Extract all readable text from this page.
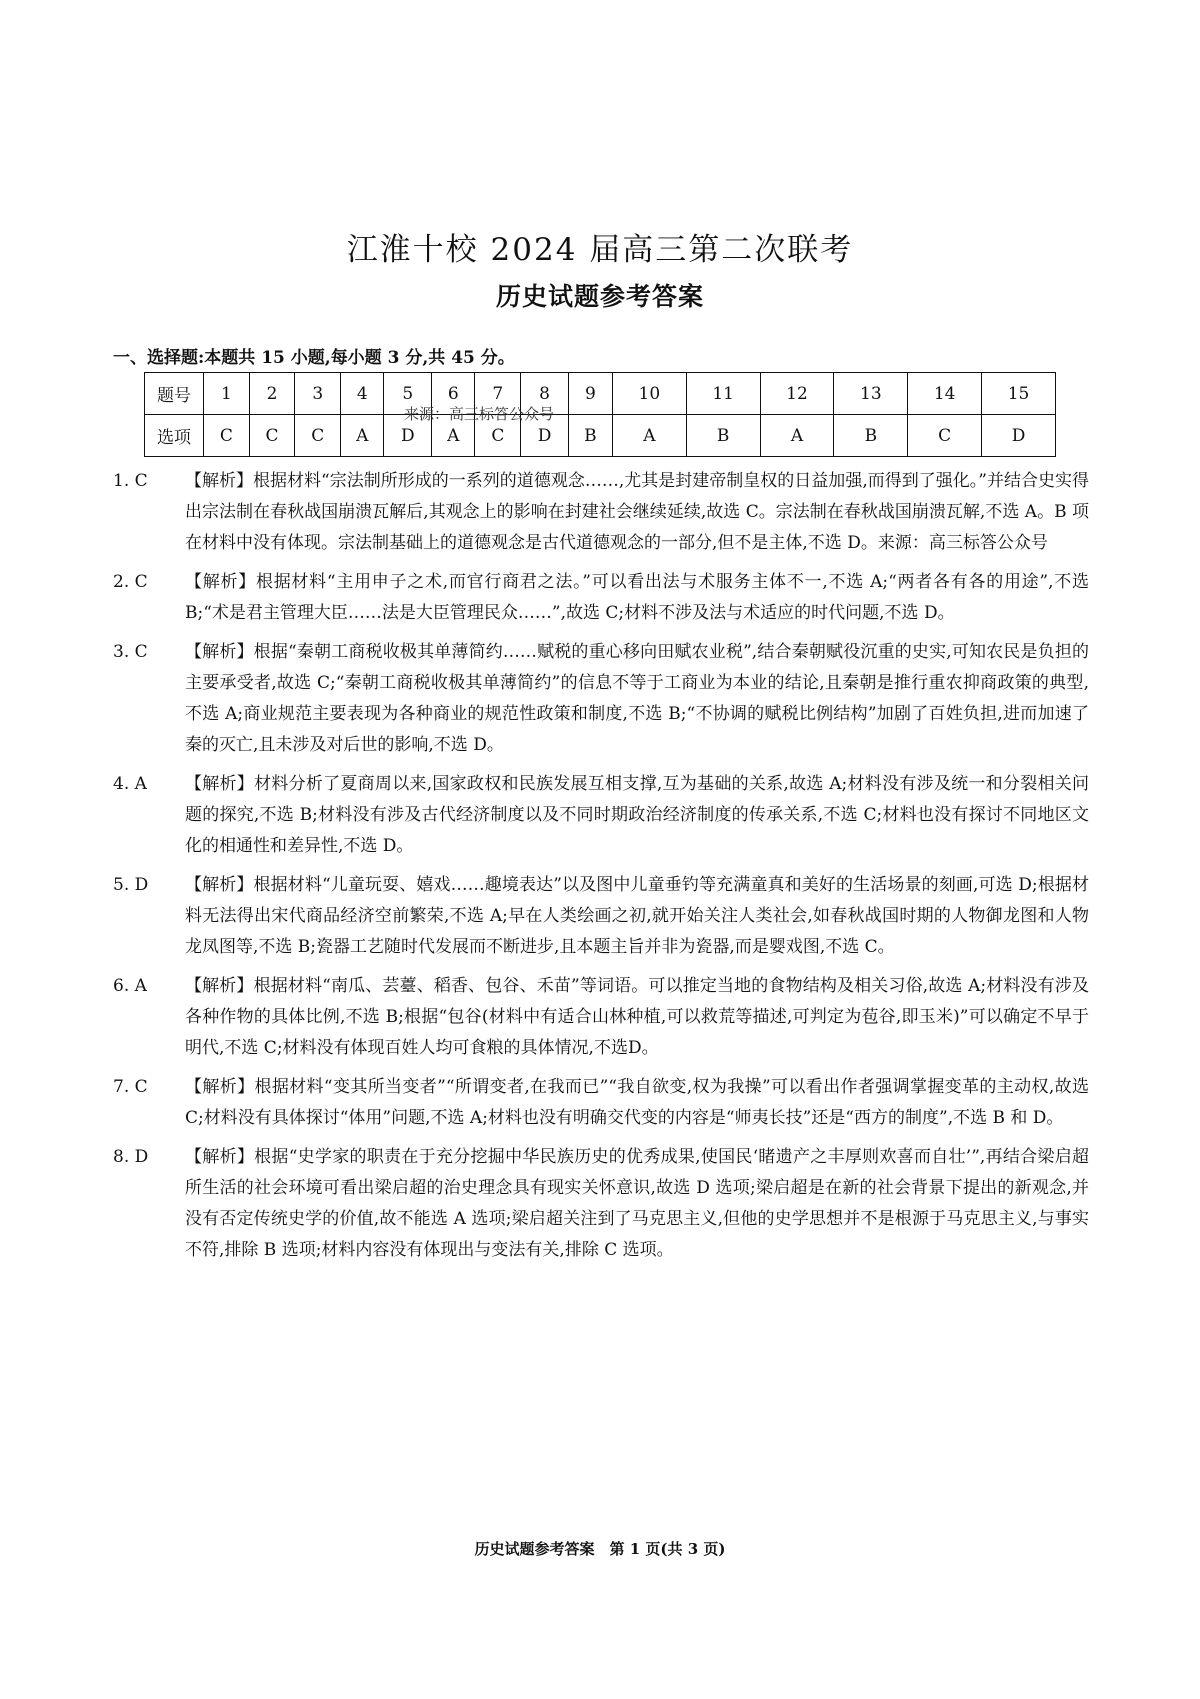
江淮十校 2024 届高三第二次联考
历史试题参考答案
一、选择题:本题共 15 小题,每小题 3 分,共 45 分。
题号	1	2	3	4	5	6	7	8	9	10	11	12	13	14	15
选项	C	C	C	A	D	A	C	D	B	A	B	A	B	C	D
来源：高三标答公众号
1. C	【解析】根据材料“宗法制所形成的一系列的道德观念……,尤其是封建帝制皇权的日益加强,而得到了强化。”并结合史实得出宗法制在春秋战国崩溃瓦解后,其观念上的影响在封建社会继续延续,故选 C。宗法制在春秋战国崩溃瓦解,不选 A。B 项在材料中没有体现。宗法制基础上的道德观念是古代道德观念的一部分,但不是主体,不选 D。来源：高三标答公众号
2. C	【解析】根据材料“主用申子之术,而官行商君之法。”可以看出法与术服务主体不一,不选 A;“两者各有各的用途”,不选 B;“术是君主管理大臣……法是大臣管理民众……”,故选 C;材料不涉及法与术适应的时代问题,不选 D。
3. C	【解析】根据“秦朝工商税收极其单薄简约……赋税的重心移向田赋农业税”,结合秦朝赋役沉重的史实,可知农民是负担的主要承受者,故选 C;“秦朝工商税收极其单薄简约”的信息不等于工商业为本业的结论,且秦朝是推行重农抑商政策的典型,不选 A;商业规范主要表现为各种商业的规范性政策和制度,不选 B;“不协调的赋税比例结构”加剧了百姓负担,进而加速了秦的灭亡,且未涉及对后世的影响,不选 D。
4. A	【解析】材料分析了夏商周以来,国家政权和民族发展互相支撑,互为基础的关系,故选 A;材料没有涉及统一和分裂相关问题的探究,不选 B;材料没有涉及古代经济制度以及不同时期政治经济制度的传承关系,不选 C;材料也没有探讨不同地区文化的相通性和差异性,不选 D。
5. D	【解析】根据材料“儿童玩耍、嬉戏……趣境表达”以及图中儿童垂钓等充满童真和美好的生活场景的刻画,可选 D;根据材料无法得出宋代商品经济空前繁荣,不选 A;早在人类绘画之初,就开始关注人类社会,如春秋战国时期的人物御龙图和人物龙凤图等,不选 B;瓷器工艺随时代发展而不断进步,且本题主旨并非为瓷器,而是婴戏图,不选 C。
6. A	【解析】根据材料“南瓜、芸薹、稻香、包谷、禾苗”等词语。可以推定当地的食物结构及相关习俗,故选 A;材料没有涉及各种作物的具体比例,不选 B;根据“包谷(材料中有适合山林种植,可以救荒等描述,可判定为苞谷,即玉米)”可以确定不早于明代,不选 C;材料没有体现百姓人均可食粮的具体情况,不选D。
7. C	【解析】根据材料“变其所当变者”“所谓变者,在我而已”“我自欲变,权为我操”可以看出作者强调掌握变革的主动权,故选 C;材料没有具体探讨“体用”问题,不选 A;材料也没有明确交代变的内容是“师夷长技”还是“西方的制度”,不选 B 和 D。
8. D	【解析】根据“史学家的职责在于充分挖掘中华民族历史的优秀成果,使国民‘睹遗产之丰厚则欢喜而自壮’”,再结合梁启超所生活的社会环境可看出梁启超的治史理念具有现实关怀意识,故选 D 选项;梁启超是在新的社会背景下提出的新观念,并没有否定传统史学的价值,故不能选 A 选项;梁启超关注到了马克思主义,但他的史学思想并不是根源于马克思主义,与事实不符,排除 B 选项;材料内容没有体现出与变法有关,排除 C 选项。
历史试题参考答案　第 1 页(共 3 页)
